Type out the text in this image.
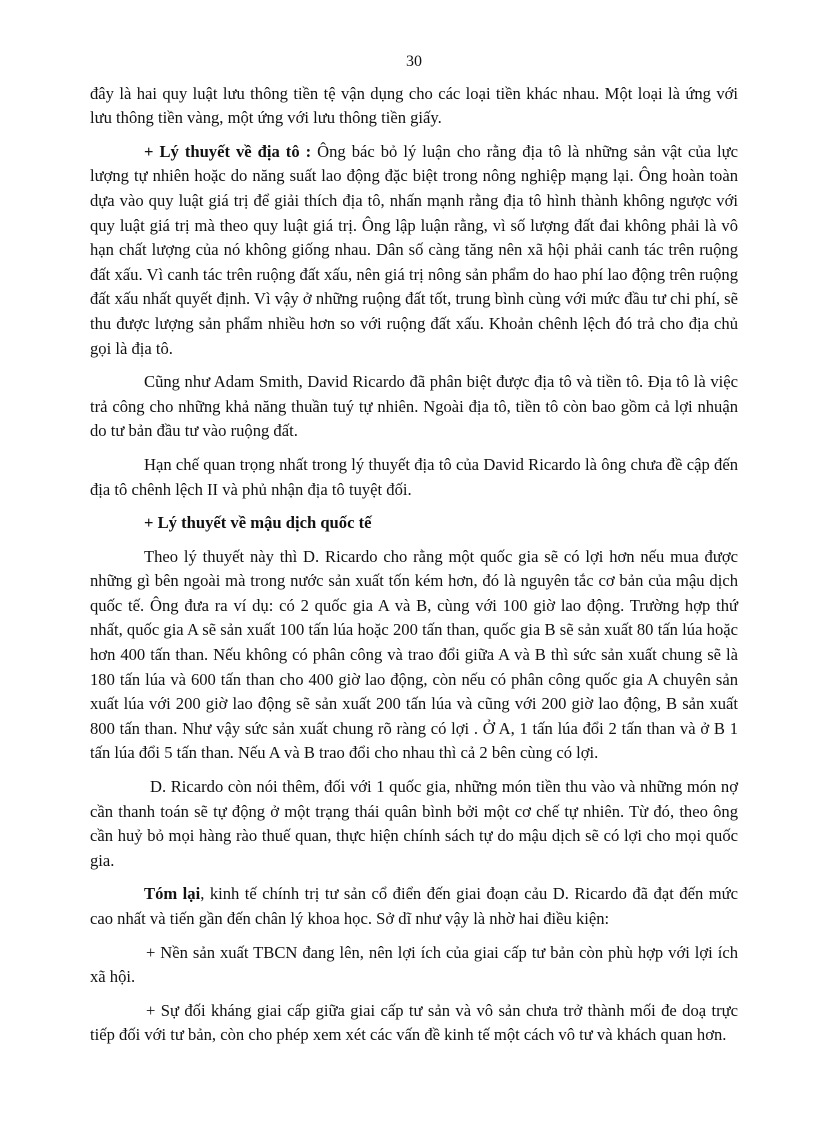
30

đây là hai quy luật lưu thông tiền tệ vận dụng cho các loại tiền khác nhau. Một loại là ứng với lưu thông tiền vàng, một ứng với lưu thông tiền giấy.

+ Lý thuyết về địa tô : Ông bác bỏ lý luận cho rằng địa tô là những sản vật của lực lượng tự nhiên hoặc do năng suất lao động đặc biệt trong nông nghiệp mạng lại. Ông hoàn toàn dựa vào quy luật giá trị để giải thích địa tô, nhấn mạnh rằng địa tô hình thành không ngược với quy luật giá trị mà theo quy luật giá trị. Ông lập luận rằng, vì số lượng đất đai không phải là vô hạn chất lượng của nó không giống nhau. Dân số càng tăng nên xã hội phải canh tác trên ruộng đất xấu. Vì canh tác trên ruộng đất xấu, nên giá trị nông sản phẩm do hao phí lao động trên ruộng đất xấu nhất quyết định. Vì vậy ở những ruộng đất tốt, trung bình cùng với mức đầu tư chi phí, sẽ thu được lượng sản phẩm nhiều hơn so với ruộng đất xấu. Khoản chênh lệch đó trả cho địa chủ gọi là địa tô.

Cũng như Adam Smith, David Ricardo đã phân biệt được địa tô và tiền tô. Địa tô là việc trả công cho những khả năng thuần tuý tự nhiên. Ngoài địa tô, tiền tô còn bao gồm cả lợi nhuận do tư bản đầu tư vào ruộng đất.

Hạn chế quan trọng nhất trong lý thuyết địa tô của David Ricardo là ông chưa đề cập đến địa tô chênh lệch II và phủ nhận địa tô tuyệt đối.

+ Lý thuyết về mậu dịch quốc tế

Theo lý thuyết này thì D. Ricardo cho rằng một quốc gia sẽ có lợi hơn nếu mua được những gì bên ngoài mà trong nước sản xuất tốn kém hơn, đó là nguyên tắc cơ bản của mậu dịch quốc tế. Ông đưa ra ví dụ: có 2 quốc gia A và B, cùng với 100 giờ lao động. Trường hợp thứ nhất, quốc gia A sẽ sản xuất 100 tấn lúa hoặc 200 tấn than, quốc gia B sẽ sản xuất 80 tấn lúa hoặc hơn 400 tấn than. Nếu không có phân công và trao đổi giữa A và B thì sức sản xuất chung sẽ là 180 tấn lúa và 600 tấn than cho 400 giờ lao động, còn nếu có phân công quốc gia A chuyên sản xuất lúa với 200 giờ lao động sẽ sản xuất 200 tấn lúa và cũng với 200 giờ lao động, B sản xuất 800 tấn than. Như vậy sức sản xuất chung rõ ràng có lợi . Ở A, 1 tấn lúa đổi 2 tấn than và ở B 1 tấn lúa đổi 5 tấn than. Nếu A và B trao đổi cho nhau thì cả 2 bên cùng có lợi.

D. Ricardo còn nói thêm, đối với 1 quốc gia, những món tiền thu vào và những món nợ cần thanh toán sẽ tự động ở một trạng thái quân bình bởi một cơ chế tự nhiên. Từ đó, theo ông cần huỷ bỏ mọi hàng rào thuế quan, thực hiện chính sách tự do mậu dịch sẽ có lợi cho mọi quốc gia.

Tóm lại, kinh tế chính trị tư sản cổ điển đến giai đoạn cảu D. Ricardo đã đạt đến mức cao nhất và tiến gần đến chân lý khoa học. Sở dĩ như vậy là nhờ hai điều kiện:

+ Nền sản xuất TBCN đang lên, nên lợi ích của giai cấp tư bản còn phù hợp với lợi ích xã hội.

+ Sự đối kháng giai cấp giữa giai cấp tư sản và vô sản chưa trở thành mối đe doạ trực tiếp đối với tư bản, còn cho phép xem xét các vấn đề kinh tế một cách vô tư và khách quan hơn.
